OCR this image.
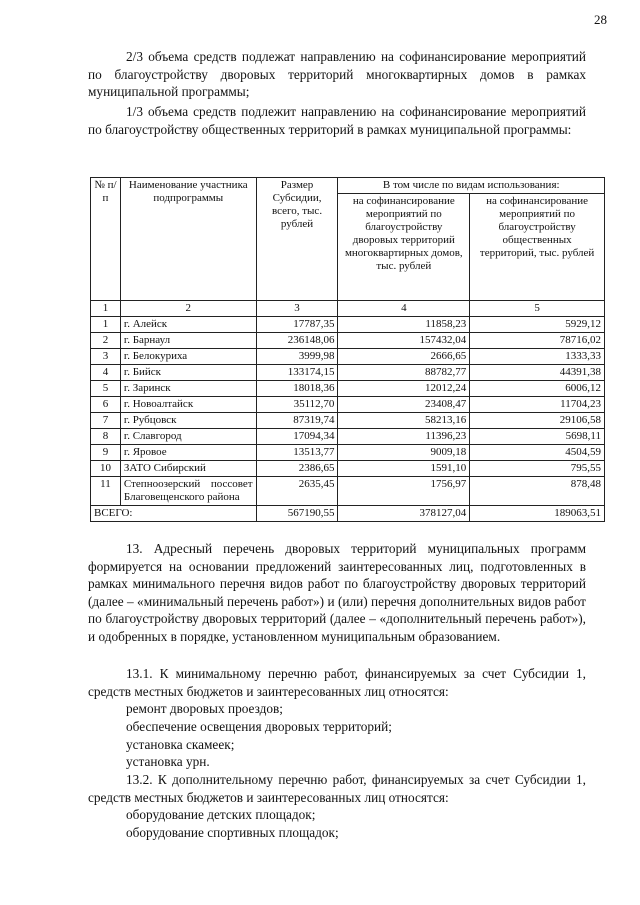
28

2/3 объема средств подлежат направлению на софинансирование мероприятий по благоустройству дворовых территорий многоквартирных домов в рамках муниципальной программы;

1/3 объема средств подлежит направлению на софинансирование мероприятий по благоустройству общественных территорий в рамках муниципальной программы:

№ п/п	Наименование участника подпрограммы	Размер Субсидии, всего, тыс. рублей	В том числе по видам использования:	
			на софинансирование мероприятий по благоустройству дворовых территорий многоквартирных домов, тыс. рублей	на софинансирование мероприятий по благоустройству общественных территорий, тыс. рублей
1	2	3	4	5
1	г. Алейск	17787,35	11858,23	5929,12
2	г. Барнаул	236148,06	157432,04	78716,02
3	г. Белокуриха	3999,98	2666,65	1333,33
4	г. Бийск	133174,15	88782,77	44391,38
5	г. Заринск	18018,36	12012,24	6006,12
6	г. Новоалтайск	35112,70	23408,47	11704,23
7	г. Рубцовск	87319,74	58213,16	29106,58
8	г. Славгород	17094,34	11396,23	5698,11
9	г. Яровое	13513,77	9009,18	4504,59
10	ЗАТО Сибирский	2386,65	1591,10	795,55
11	Степноозерский поссовет Благовещенского района	2635,45	1756,97	878,48
ВСЕГО:		567190,55	378127,04	189063,51

13. Адресный перечень дворовых территорий муниципальных программ формируется на основании предложений заинтересованных лиц, подготовленных в рамках минимального перечня видов работ по благоустройству дворовых территорий (далее – «минимальный перечень работ») и (или) перечня дополнительных видов работ по благоустройству дворовых территорий (далее – «дополнительный перечень работ»), и одобренных в порядке, установленном муниципальным образованием.

13.1. К минимальному перечню работ, финансируемых за счет Субсидии 1, средств местных бюджетов и заинтересованных лиц относятся:

ремонт дворовых проездов;

обеспечение освещения дворовых территорий;

установка скамеек;

установка урн.

13.2. К дополнительному перечню работ, финансируемых за счет Субсидии 1, средств местных бюджетов и заинтересованных лиц относятся:

оборудование детских площадок;

оборудование спортивных площадок;
